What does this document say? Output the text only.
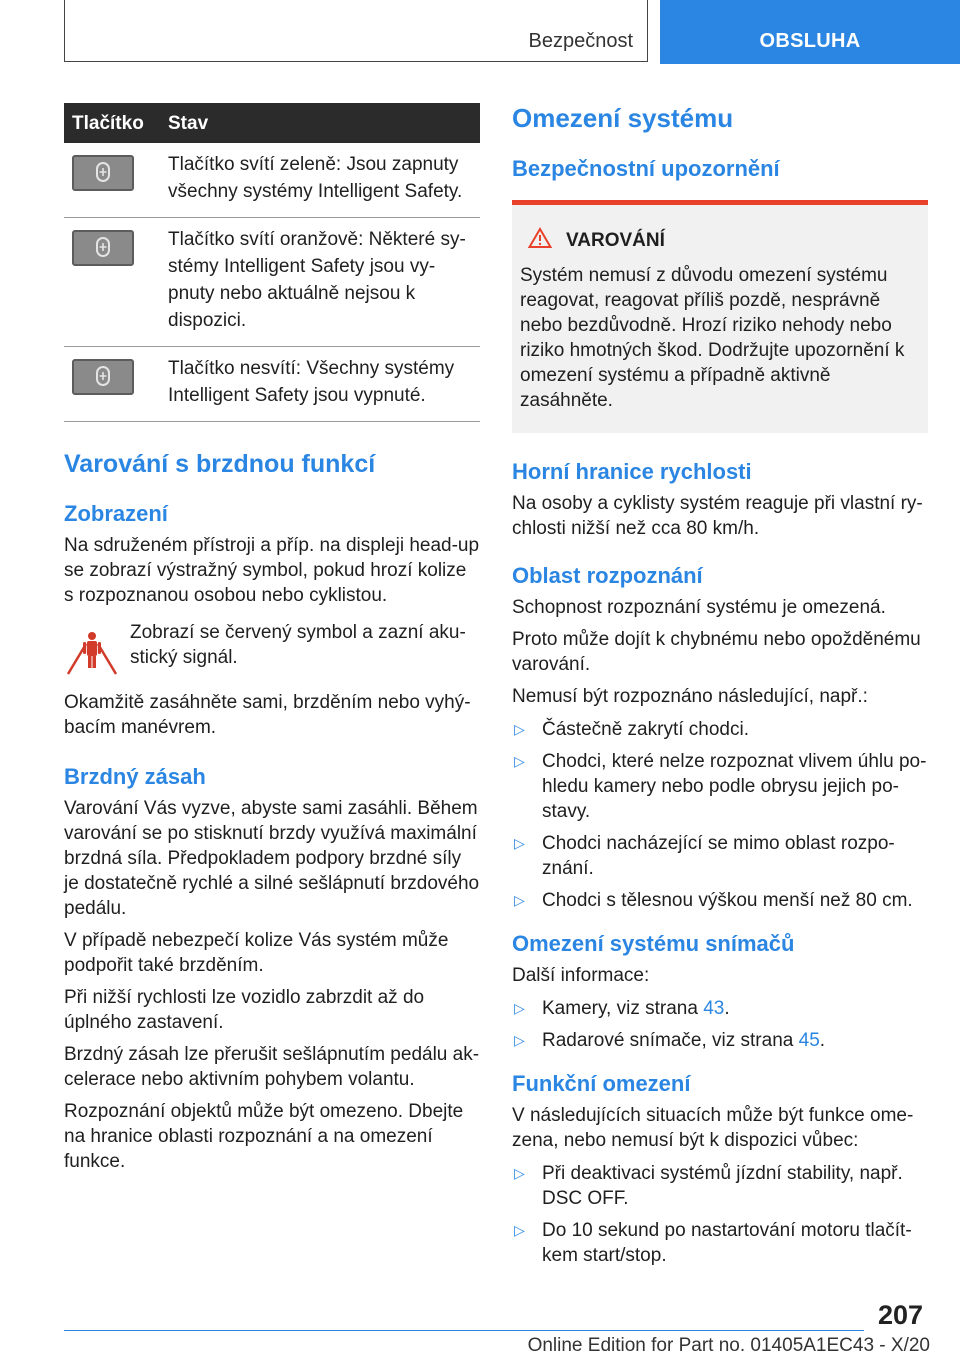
Bezpečnost	OBSLUHA
Tlačítko	Stav

	Tlačítko svítí zeleně: Jsou zapnuty všechny systémy Intelligent Safety.

	Tlačítko svítí oranžově: Některé systémy Intelligent Safety jsou vypnuty nebo aktuálně nejsou k dispozici.

	Tlačítko nesvítí: Všechny systémy Intelligent Safety jsou vypnuté.
Varování s brzdnou funkcí
Zobrazení

Na sdruženém přístroji a příp. na displeji head-up se zobrazí výstražný symbol, pokud hrozí kolize s rozpoznanou osobou nebo cyklistou.

Zobrazí se červený symbol a zazní akustický signál.

Okamžitě zasáhněte sami, brzděním nebo vyhýbacím manévrem.

Brzdný zásah

Varování Vás vyzve, abyste sami zasáhli. Během varování se po stisknutí brzdy využívá maximální brzdná síla. Předpokladem podpory brzdné síly je dostatečně rychlé a silné sešlápnutí brzdového pedálu.

V případě nebezpečí kolize Vás systém může podpořit také brzděním.

Při nižší rychlosti lze vozidlo zabrzdit až do úplného zastavení.

Brzdný zásah lze přerušit sešlápnutím pedálu akcelerace nebo aktivním pohybem volantu.

Rozpoznání objektů může být omezeno. Dbejte na hranice oblasti rozpoznání a na omezení funkce.

Omezení systému
Bezpečnostní upozornění
VAROVÁNÍ

Systém nemusí z důvodu omezení systému reagovat, reagovat příliš pozdě, nesprávně nebo bezdůvodně. Hrozí riziko nehody nebo riziko hmotných škod. Dodržujte upozornění k omezení systému a případně aktivně zasáhněte.

Horní hranice rychlosti

Na osoby a cyklisty systém reaguje při vlastní rychlosti nižší než cca 80 km/h.

Oblast rozpoznání

Schopnost rozpoznání systému je omezená.

Proto může dojít k chybnému nebo opožděnému varování.

Nemusí být rozpoznáno následující, např.:

▷ Částečně zakrytí chodci.
▷ Chodci, které nelze rozpoznat vlivem úhlu pohledu kamery nebo podle obrysu jejich postavy.
▷ Chodci nacházející se mimo oblast rozpoznání.
▷ Chodci s tělesnou výškou menší než 80 cm.
Omezení systému snímačů

Další informace:

▷ Kamery, viz strana 43.
▷ Radarové snímače, viz strana 45.
Funkční omezení

V následujících situacích může být funkce omezena, nebo nemusí být k dispozici vůbec:

▷ Při deaktivaci systémů jízdní stability, např. DSC OFF.
▷ Do 10 sekund po nastartování motoru tlačítkem start/stop.
207
Online Edition for Part no. 01405A1EC43 - X/20
